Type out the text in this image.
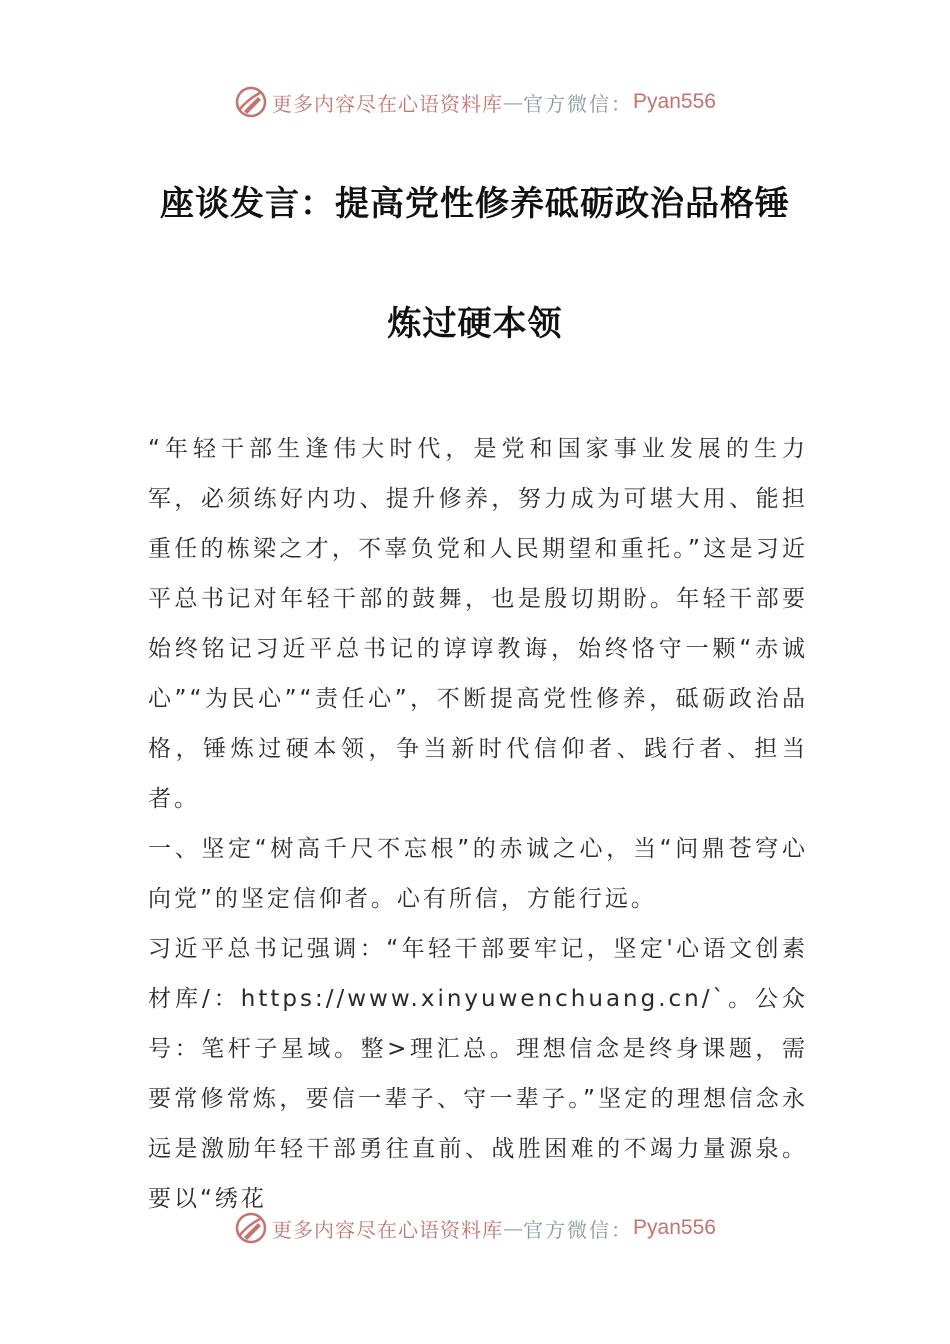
更多内容尽在心语资料库 — 官方微信： Pyan556
座谈发言：提高党性修养砥砺政治品格锤
炼过硬本领

“年轻干部生逢伟大时代，是党和国家事业发展的生力军，必须练好内功、提升修养，努力成为可堪大用、能担重任的栋梁之才，不辜负党和人民期望和重托。”这是习近平总书记对年轻干部的鼓舞，也是殷切期盼。年轻干部要始终铭记习近平总书记的谆谆教诲，始终恪守一颗“赤诚心”“为民心”“责任心”，不断提高党性修养，砥砺政治品格，锤炼过硬本领，争当新时代信仰者、践行者、担当者。

一、坚定“树高千尺不忘根”的赤诚之心，当“问鼎苍穹心向党”的坚定信仰者。心有所信，方能行远。

习近平总书记强调：“年轻干部要牢记，坚定'心语文创素材库/：https://www.xinyuwenchuang.cn/`。公众号：笔杆子星域。整>理汇总。理想信念是终身课题，需要常修常炼，要信一辈子、守一辈子。”坚定的理想信念永远是激励年轻干部勇往直前、战胜困难的不竭力量源泉。要以“绣花

更多内容尽在心语资料库 — 官方微信： Pyan556
